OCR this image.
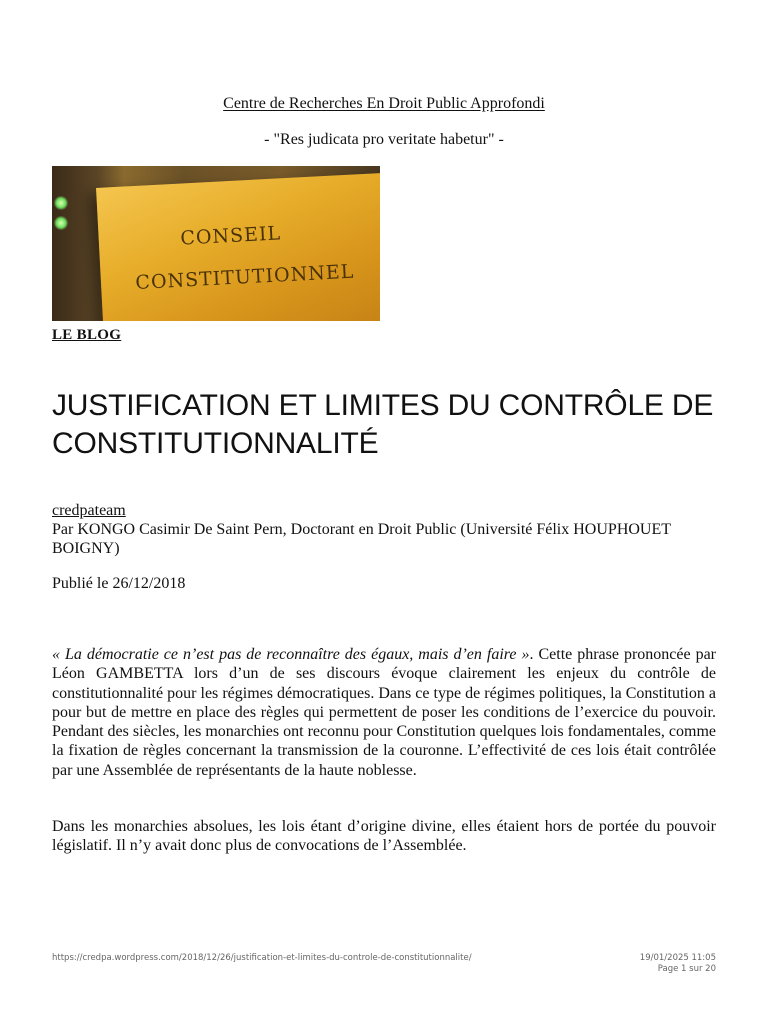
Centre de Recherches En Droit Public Approfondi
- "Res judicata pro veritate habetur" -
CONSEIL
CONSTITUTIONNEL
LE BLOG
JUSTIFICATION ET LIMITES DU CONTRÔLE DE CONSTITUTIONNALITÉ
credpateam
Par KONGO Casimir De Saint Pern, Doctorant en Droit Public (Université Félix HOUPHOUET BOIGNY)
Publié le 26/12/2018

« La démocratie ce n’est pas de reconnaître des égaux, mais d’en faire ». Cette phrase prononcée par Léon GAMBETTA lors d’un de ses discours évoque clairement les enjeux du contrôle de constitutionnalité pour les régimes démocratiques. Dans ce type de régimes politiques, la Constitution a pour but de mettre en place des règles qui permettent de poser les conditions de l’exercice du pouvoir. Pendant des siècles, les monarchies ont reconnu pour Constitution quelques lois fondamentales, comme la fixation de règles concernant la transmission de la couronne. L’effectivité de ces lois était contrôlée par une Assemblée de représentants de la haute noblesse.

Dans les monarchies absolues, les lois étant d’origine divine, elles étaient hors de portée du pouvoir législatif. Il n’y avait donc plus de convocations de l’Assemblée.

https://credpa.wordpress.com/2018/12/26/justification-et-limites-du-controle-de-constitutionnalite/	19/01/2025 11:05
Page 1 sur 20
